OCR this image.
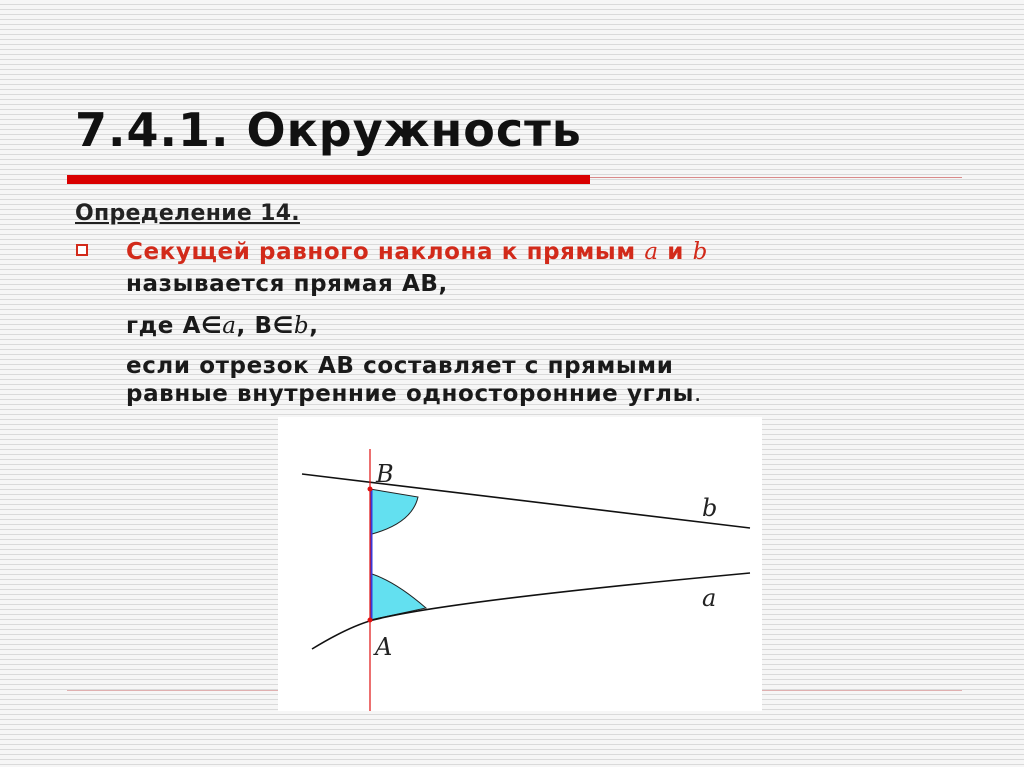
7.4.1. Окружность
Определение 14.
Секущей равного наклона к прямым a и b
называется прямая АВ,
где А∈a, В∈b,
если отрезок АВ составляет с прямыми
равные внутренние односторонние углы.
B
A
b
a
